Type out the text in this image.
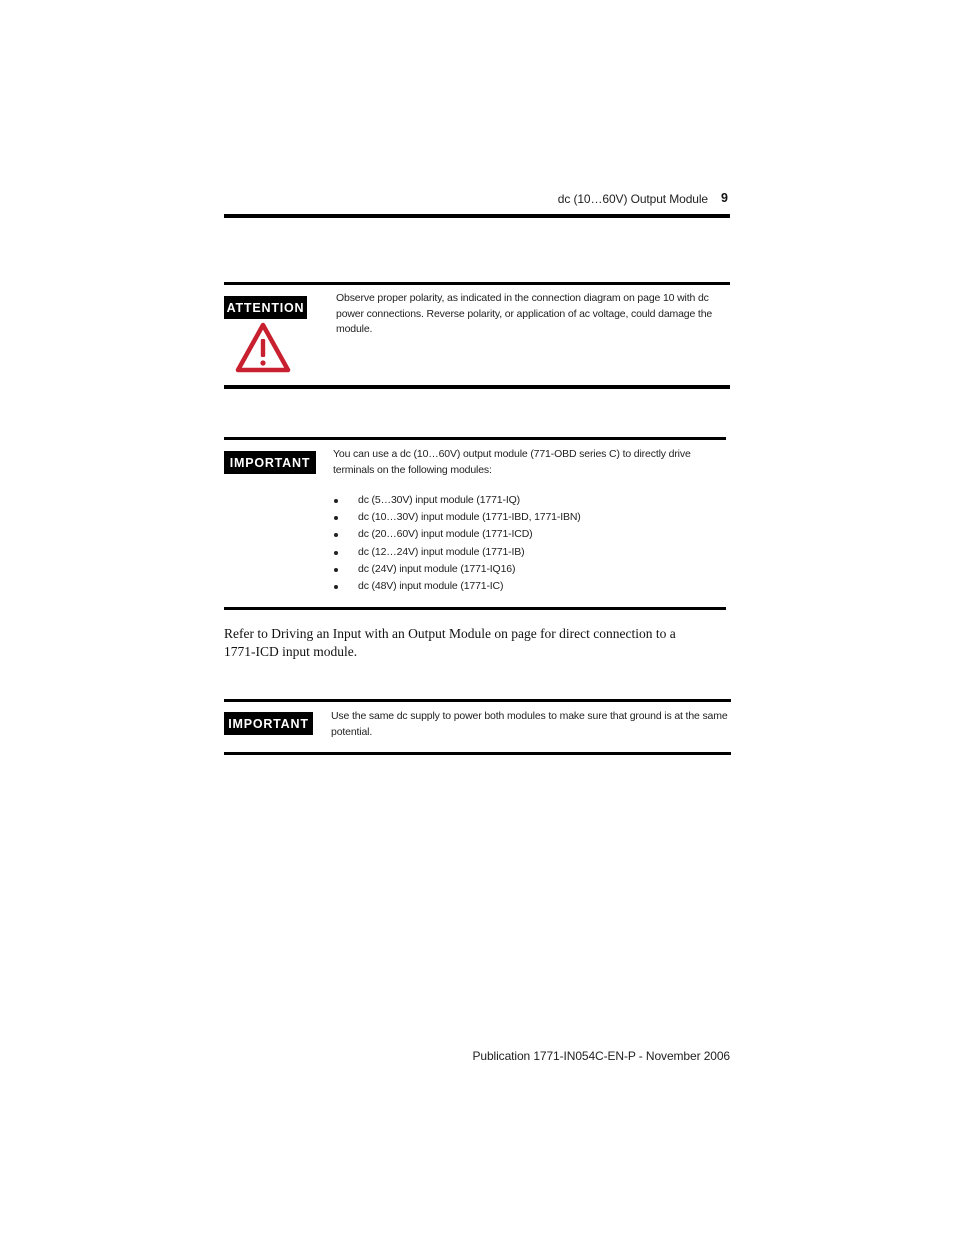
dc (10…60V) Output Module 9
ATTENTION
Observe proper polarity, as indicated in the connection diagram on page 10 with dc power connections. Reverse polarity, or application of ac voltage, could damage the module.
IMPORTANT
You can use a dc (10…60V) output module (771-OBD series C) to directly drive terminals on the following modules:
dc (5…30V) input module (1771-IQ)
dc (10…30V) input module (1771-IBD, 1771-IBN)
dc (20…60V) input module (1771-ICD)
dc (12…24V) input module (1771-IB)
dc (24V) input module (1771-IQ16)
dc (48V) input module (1771-IC)
Refer to Driving an Input with an Output Module on page for direct connection to a 1771-ICD input module.
IMPORTANT
Use the same dc supply to power both modules to make sure that ground is at the same potential.
Publication 1771-IN054C-EN-P - November 2006
